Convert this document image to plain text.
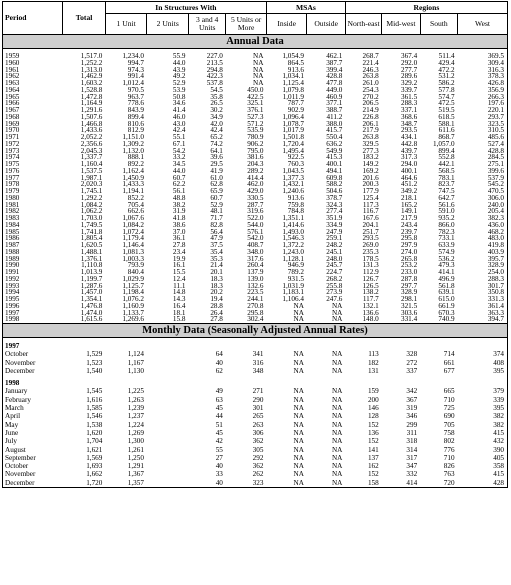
Period	Total	In Structures With				MSAs		Regions			
		1 Unit	2 Units	3 and 4 Units	5 Units or More	Inside	Outside	North-east	Mid-west	South	West
Annual Data

1959	1,517.0	1,234.0	55.9	227.0	NA	1,054.9	462.1	268.7	367.4	511.4	369.5
1960	1,252.2	994.7	44.0	213.5	NA	864.5	387.7	221.4	292.0	429.4	309.4
1961	1,313.0	974.3	43.9	294.8	NA	913.6	399.4	246.3	277.7	472.2	316.3
1962	1,462.9	991.4	49.2	422.3	NA	1,034.1	428.8	263.8	289.6	531.2	378.3
1963	1,603.2	1,012.4	52.9	537.8	NA	1,125.4	477.8	261.0	329.2	586.2	426.8
1964	1,528.8	970.5	53.9	54.5	450.0	1,079.8	449.0	254.3	339.7	577.8	356.9
1965	1,472.8	963.7	50.8	35.8	422.5	1,011.9	460.9	270.2	361.5	574.7	266.3
1966	1,164.9	778.6	34.6	26.5	325.1	787.7	377.1	206.5	288.3	472.5	197.6
1967	1,291.6	843.9	41.4	30.2	376.1	902.9	388.7	214.9	337.1	519.5	220.1
1968	1,507.6	899.4	46.0	34.9	527.3	1,096.4	411.2	226.8	368.6	618.5	293.7
1969	1,466.8	810.6	43.0	42.0	571.2	1,078.7	388.0	206.1	348.7	588.1	323.5
1970	1,433.6	812.9	42.4	42.4	535.9	1,017.9	415.7	217.9	293.5	611.6	310.5
1971	2,052.2	1,151.0	55.1	65.2	780.9	1,501.8	550.4	263.8	434.1	868.7	485.6
1972	2,356.6	1,309.2	67.1	74.2	906.2	1,720.4	636.2	329.5	442.8	1,057.0	527.4
1973	2,045.3	1,132.0	54.2	64.1	795.0	1,495.4	549.9	277.3	439.7	899.4	428.8
1974	1,337.7	888.1	33.2	39.6	381.6	922.5	415.3	183.2	317.3	552.8	284.5
1975	1,160.4	892.2	34.5	29.5	204.3	760.3	400.1	149.2	294.0	442.1	275.1
1976	1,537.5	1,162.4	44.0	41.9	289.2	1,043.5	494.1	169.2	400.1	568.5	399.6
1977	1,987.1	1,450.9	60.7	61.0	414.4	1,377.3	609.8	201.6	464.6	783.1	537.9
1978	2,020.3	1,433.3	62.2	62.8	462.0	1,432.1	588.2	200.3	451.2	823.7	545.2
1979	1,745.1	1,194.1	56.1	65.9	429.0	1,240.6	504.6	177.9	349.2	747.5	470.5
1980	1,292.2	852.2	48.8	60.7	330.5	913.6	378.7	125.4	218.1	642.7	306.0
1981	1,084.2	705.4	38.2	52.9	287.7	759.8	324.3	117.3	165.2	561.6	240.0
1982	1,062.2	662.6	31.9	48.1	319.6	784.8	277.4	116.7	149.1	591.0	205.4
1983	1,703.0	1,067.6	41.8	71.7	522.0	1,351.1	351.9	167.6	217.9	935.2	382.3
1984	1,749.5	1,084.2	38.6	82.8	544.0	1,414.6	334.9	204.1	243.4	866.0	436.0
1985	1,741.8	1,072.4	37.0	56.4	576.1	1,493.0	247.9	251.7	239.7	782.3	468.2
1986	1,805.4	1,179.4	36.1	47.9	542.0	1,546.3	259.1	293.5	295.8	733.1	483.0
1987	1,620.5	1,146.4	27.8	37.5	408.7	1,372.2	248.2	269.0	297.9	633.9	419.8
1988	1,488.1	1,081.3	23.4	35.4	348.0	1,243.0	245.1	235.3	274.0	574.9	403.9
1989	1,376.1	1,003.3	19.9	35.3	317.6	1,128.1	248.0	178.5	265.8	536.2	395.7
1990	1,110.8	793.9	16.1	21.4	260.4	946.9	245.7	131.3	253.2	479.3	328.9
1991	1,013.9	840.4	15.5	20.1	137.9	789.2	224.7	112.9	233.0	414.1	254.0
1992	1,199.7	1,029.9	12.4	18.3	139.0	931.5	268.2	126.7	287.8	496.9	288.3
1993	1,287.6	1,125.7	11.1	18.3	132.6	1,031.9	255.8	126.5	297.7	561.8	301.7
1994	1,457.0	1,198.4	14.8	20.2	223.5	1,183.1	273.9	138.2	328.9	639.1	350.8
1995	1,354.1	1,076.2	14.3	19.4	244.1	1,106.4	247.6	117.7	298.1	615.0	331.3
1996	1,476.8	1,160.9	16.4	28.8	270.8	NA	NA	132.1	321.5	661.9	361.4
1997	1,474.0	1,133.7	18.1	26.4	295.8	NA	NA	136.6	303.6	670.3	363.3
1998	1,615.6	1,269.6	15.8	27.8	302.4	NA	NA	148.0	331.4	740.9	394.7
Monthly Data (Seasonally Adjusted Annual Rates)

1997											
October	1,529	1,124		64	341	NA	NA	113	328	714	374
November	1,523	1,167		40	316	NA	NA	182	272	661	408
December	1,540	1,130		62	348	NA	NA	131	337	677	395

1998											
January	1,545	1,225		49	271	NA	NA	159	342	665	379
February	1,616	1,263		63	290	NA	NA	200	367	710	339
March	1,585	1,239		45	301	NA	NA	146	319	725	395
April	1,546	1,237		44	265	NA	NA	128	346	690	382
May	1,538	1,224		51	263	NA	NA	152	299	705	382
June	1,620	1,269		45	306	NA	NA	136	311	758	415
July	1,704	1,300		42	362	NA	NA	152	318	802	432
August	1,621	1,261		55	305	NA	NA	141	314	776	390
September	1,569	1,250		27	292	NA	NA	137	317	710	405
October	1,693	1,291		40	362	NA	NA	162	347	826	358
November	1,662	1,367		33	262	NA	NA	152	332	763	415
December	1,720	1,357		40	323	NA	NA	158	414	720	428
